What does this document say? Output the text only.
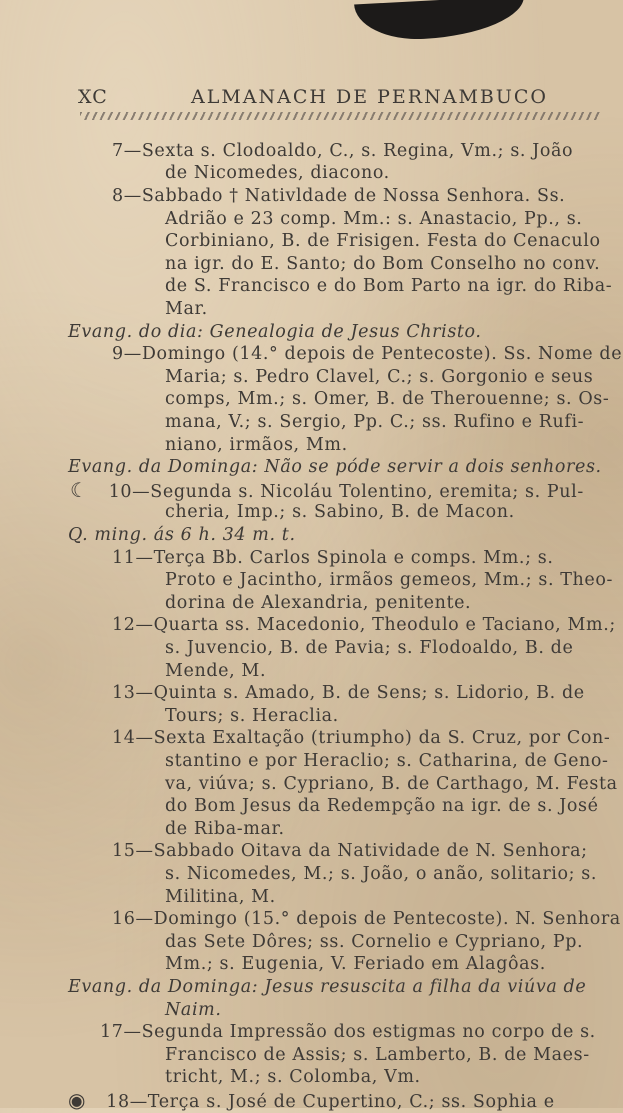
XC	ALMANACH DE PERNAMBUCO
7—Sexta s. Clodoaldo, C., s. Regina, Vm.; s. João
de Nicomedes, diacono.
8—Sabbado † Nativldade de Nossa Senhora. Ss.
Adrião e 23 comp. Mm.: s. Anastacio, Pp., s.
Corbiniano, B. de Frisigen. Festa do Cenaculo
na igr. do E. Santo; do Bom Conselho no conv.
de S. Francisco e do Bom Parto na igr. do Riba-
Mar.
Evang. do dia: Genealogia de Jesus Christo.
9—Domingo (14.° depois de Pentecoste). Ss. Nome de
Maria; s. Pedro Clavel, C.; s. Gorgonio e seus
comps, Mm.; s. Omer, B. de Therouenne; s. Os-
mana, V.; s. Sergio, Pp. C.; ss. Rufino e Rufi-
niano, irmãos, Mm.
Evang. da Dominga: Não se póde servir a dois senhores.
☾ 10—Segunda s. Nicoláu Tolentino, eremita; s. Pul-
cheria, Imp.; s. Sabino, B. de Macon.
Q. ming. ás 6 h. 34 m. t.
11—Terça Bb. Carlos Spinola e comps. Mm.; s.
Proto e Jacintho, irmãos gemeos, Mm.; s. Theo-
dorina de Alexandria, penitente.
12—Quarta ss. Macedonio, Theodulo e Taciano, Mm.;
s. Juvencio, B. de Pavia; s. Flodoaldo, B. de
Mende, M.
13—Quinta s. Amado, B. de Sens; s. Lidorio, B. de
Tours; s. Heraclia.
14—Sexta Exaltação (triumpho) da S. Cruz, por Con-
stantino e por Heraclio; s. Catharina, de Geno-
va, viúva; s. Cypriano, B. de Carthago, M. Festa
do Bom Jesus da Redempção na igr. de s. José
de Riba-mar.
15—Sabbado Oitava da Natividade de N. Senhora;
s. Nicomedes, M.; s. João, o anão, solitario; s.
Militina, M.
16—Domingo (15.° depois de Pentecoste). N. Senhora
das Sete Dôres; ss. Cornelio e Cypriano, Pp.
Mm.; s. Eugenia, V. Feriado em Alagôas.
Evang. da Dominga: Jesus resuscita a filha da viúva de
Naim.
17—Segunda Impressão dos estigmas no corpo de s.
Francisco de Assis; s. Lamberto, B. de Maes-
tricht, M.; s. Colomba, Vm.
◉ 18—Terça s. José de Cupertino, C.; ss. Sophia e
